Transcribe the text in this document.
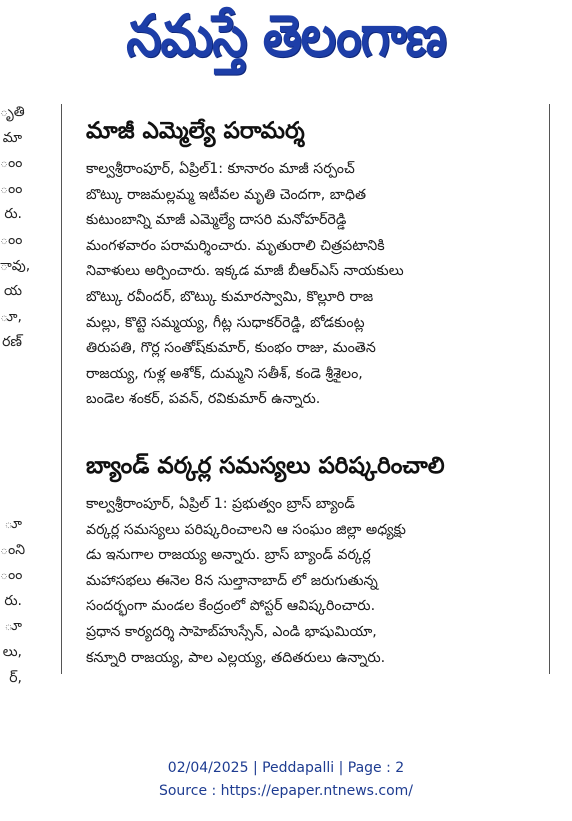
నమస్తే తెలంగాణ
ృతి
మా
ంం
ంం
రు.
ంం
ావు,
య
ూ,
రణ్
ూ
ంని
ంం
రు.
ూ
లు,
ర్,
మాజీ ఎమ్మెల్యే పరామర్శ
కాల్వశ్రీరాంపూర్, ఏప్రిల్1: కూనారం మాజీ సర్పంచ్
బొట్కు రాజమల్లమ్మ ఇటీవల మృతి చెందగా, బాధిత
కుటుంబాన్ని మాజీ ఎమ్మెల్యే దాసరి మనోహర్‌రెడ్డి
మంగళవారం పరామర్శించారు. మృతురాలి చిత్రపటానికి
నివాళులు అర్పించారు. ఇక్కడ మాజీ బీఆర్‌ఎస్ నాయకులు
బొట్కు రవీందర్, బొట్కు కుమారస్వామి, కొల్లూరి రాజ
మల్లు, కొట్టె సమ్మయ్య, గీట్ల సుధాకర్‌రెడ్డి, బోడకుంట్ల
తిరుపతి, గొర్ల సంతోష్‌కుమార్, కుంభం రాజు, మంతెన
రాజయ్య, గుళ్ల అశోక్, దుమ్మని సతీశ్, కండె శ్రీశైలం,
బండెల శంకర్, పవన్, రవికుమార్ ఉన్నారు.
బ్యాండ్ వర్కర్ల సమస్యలు పరిష్కరించాలి
కాల్వశ్రీరాంపూర్, ఏప్రిల్ 1: ప్రభుత్వం బ్రాస్ బ్యాండ్
వర్కర్ల సమస్యలు పరిష్కరించాలని ఆ సంఘం జిల్లా అధ్యక్షు
డు ఇనుగాల రాజయ్య అన్నారు. బ్రాస్ బ్యాండ్ వర్కర్ల
మహాసభలు ఈనెల 8న సుల్తానాబాద్ లో జరుగుతున్న
సందర్భంగా మండల కేంద్రంలో పోస్టర్ ఆవిష్కరించారు.
ప్రధాన కార్యదర్శి సాహెబ్‌హుస్సేన్, ఎండి భాషుమియా,
కన్నూరి రాజయ్య, పాల ఎల్లయ్య, తదితరులు ఉన్నారు.
02/04/2025 | Peddapalli | Page : 2
Source : https://epaper.ntnews.com/
